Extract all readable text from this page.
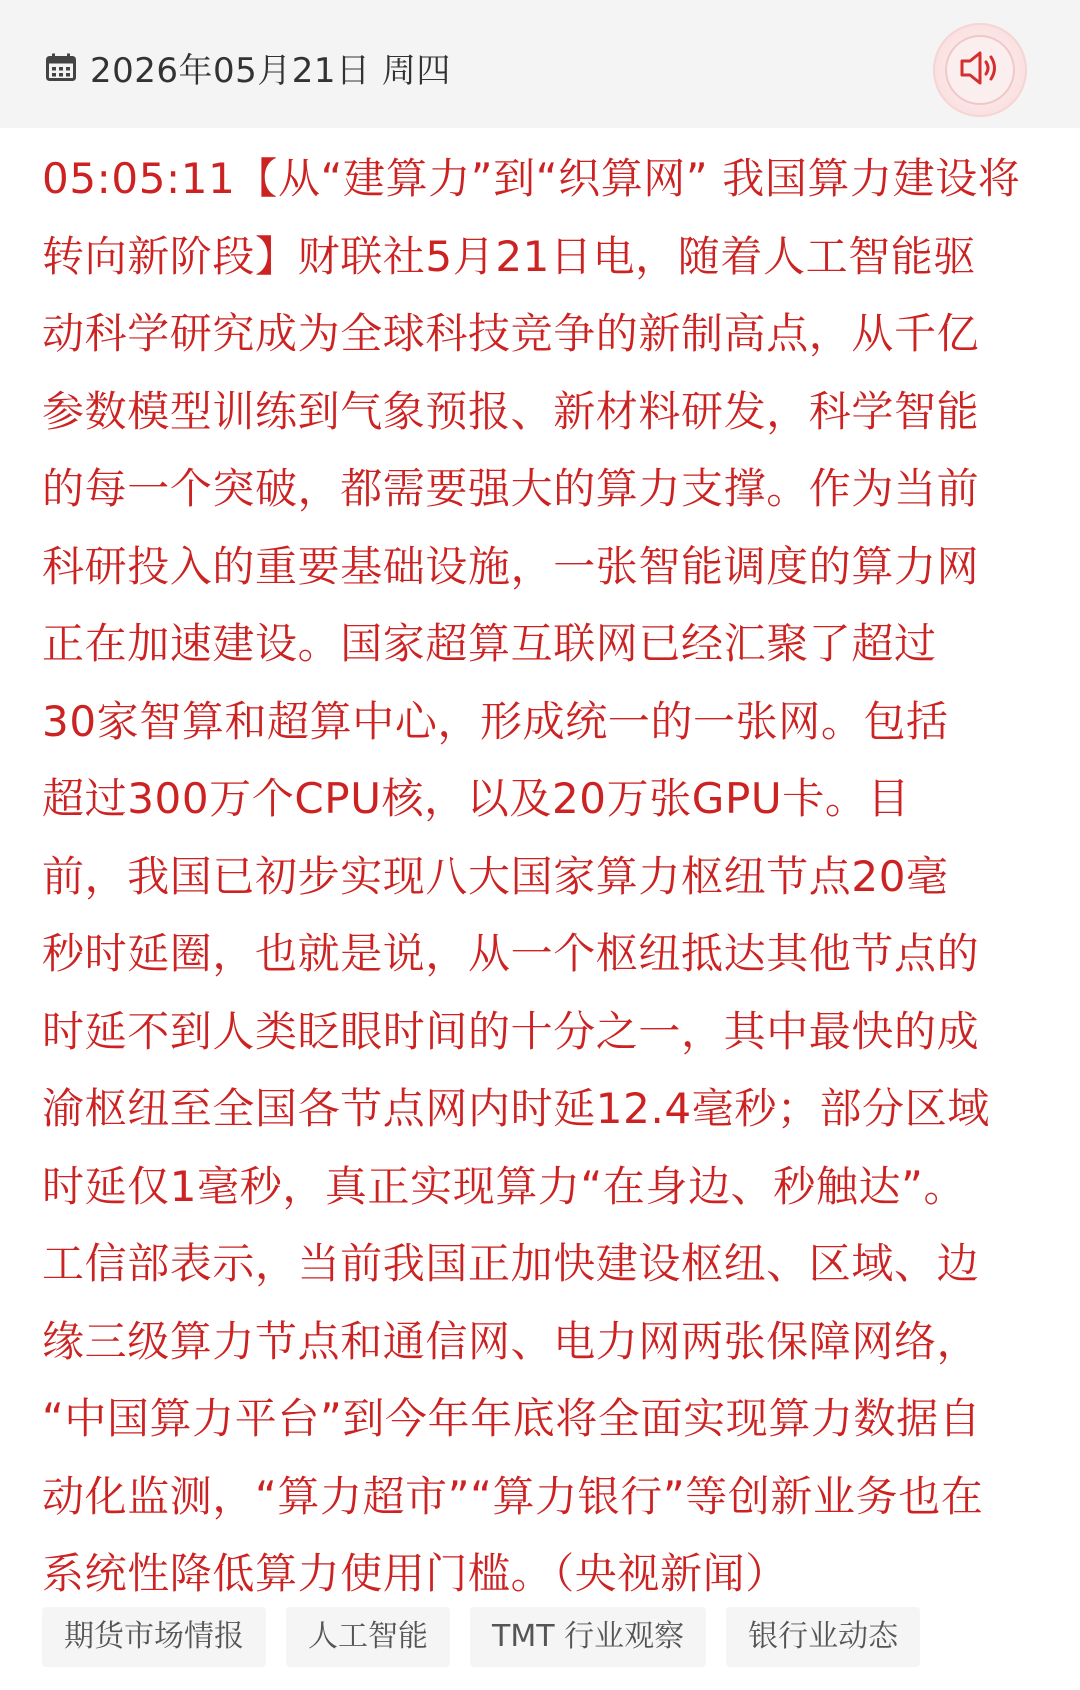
2026年05月21日 周四

05:05:11【从“建算力”到“织算网” 我国算力建设将
转向新阶段】财联社5月21日电，随着人工智能驱
动科学研究成为全球科技竞争的新制高点，从千亿
参数模型训练到气象预报、新材料研发，科学智能
的每一个突破，都需要强大的算力支撑。作为当前
科研投入的重要基础设施，一张智能调度的算力网
正在加速建设。国家超算互联网已经汇聚了超过
30家智算和超算中心，形成统一的一张网。包括
超过300万个CPU核，以及20万张GPU卡。目
前，我国已初步实现八大国家算力枢纽节点20毫
秒时延圈，也就是说，从一个枢纽抵达其他节点的
时延不到人类眨眼时间的十分之一，其中最快的成
渝枢纽至全国各节点网内时延12.4毫秒；部分区域
时延仅1毫秒，真正实现算力“在身边、秒触达”。
工信部表示，当前我国正加快建设枢纽、区域、边
缘三级算力节点和通信网、电力网两张保障网络，
“中国算力平台”到今年年底将全面实现算力数据自
动化监测，“算力超市”“算力银行”等创新业务也在
系统性降低算力使用门槛。（央视新闻）

期货市场情报	人工智能	TMT 行业观察	银行业动态
